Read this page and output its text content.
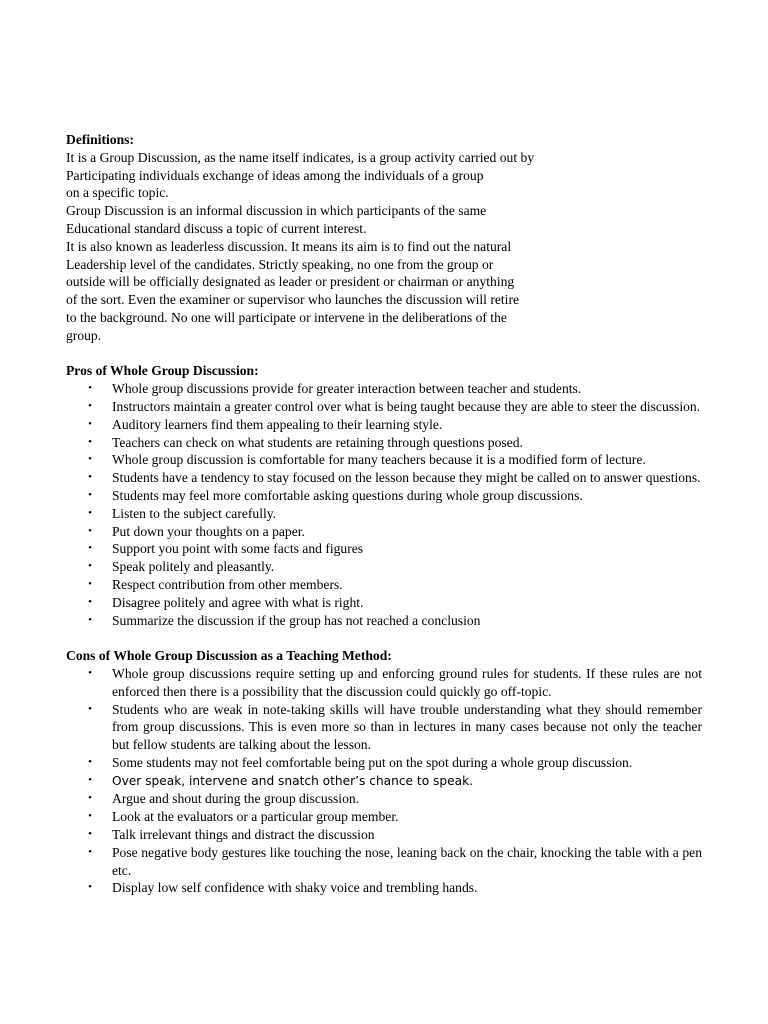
Definitions:

It is a Group Discussion, as the name itself indicates, is a group activity carried out by

Participating individuals exchange of ideas among the individuals of a group

on a specific topic.

Group Discussion is an informal discussion in which participants of the same

Educational standard discuss a topic of current interest.

It is also known as leaderless discussion. It means its aim is to find out the natural

Leadership level of the candidates. Strictly speaking, no one from the group or

outside will be officially designated as leader or president or chairman or anything

of the sort. Even the examiner or supervisor who launches the discussion will retire

to the background. No one will participate or intervene in the deliberations of the

group.

Pros of Whole Group Discussion:

• Whole group discussions provide for greater interaction between teacher and students.
• Instructors maintain a greater control over what is being taught because they are able to steer the discussion.
• Auditory learners find them appealing to their learning style.
• Teachers can check on what students are retaining through questions posed.
• Whole group discussion is comfortable for many teachers because it is a modified form of lecture.
• Students have a tendency to stay focused on the lesson because they might be called on to answer questions.
• Students may feel more comfortable asking questions during whole group discussions.
• Listen to the subject carefully.
• Put down your thoughts on a paper.
• Support you point with some facts and figures
• Speak politely and pleasantly.
• Respect contribution from other members.
• Disagree politely and agree with what is right.
• Summarize the discussion if the group has not reached a conclusion

Cons of Whole Group Discussion as a Teaching Method:

• Whole group discussions require setting up and enforcing ground rules for students. If these rules are not enforced then there is a possibility that the discussion could quickly go off-topic.
• Students who are weak in note-taking skills will have trouble understanding what they should remember from group discussions. This is even more so than in lectures in many cases because not only the teacher but fellow students are talking about the lesson.
• Some students may not feel comfortable being put on the spot during a whole group discussion.
• Over speak, intervene and snatch other’s chance to speak.
• Argue and shout during the group discussion.
• Look at the evaluators or a particular group member.
• Talk irrelevant things and distract the discussion
• Pose negative body gestures like touching the nose, leaning back on the chair, knocking the table with a pen etc.
• Display low self confidence with shaky voice and trembling hands.
